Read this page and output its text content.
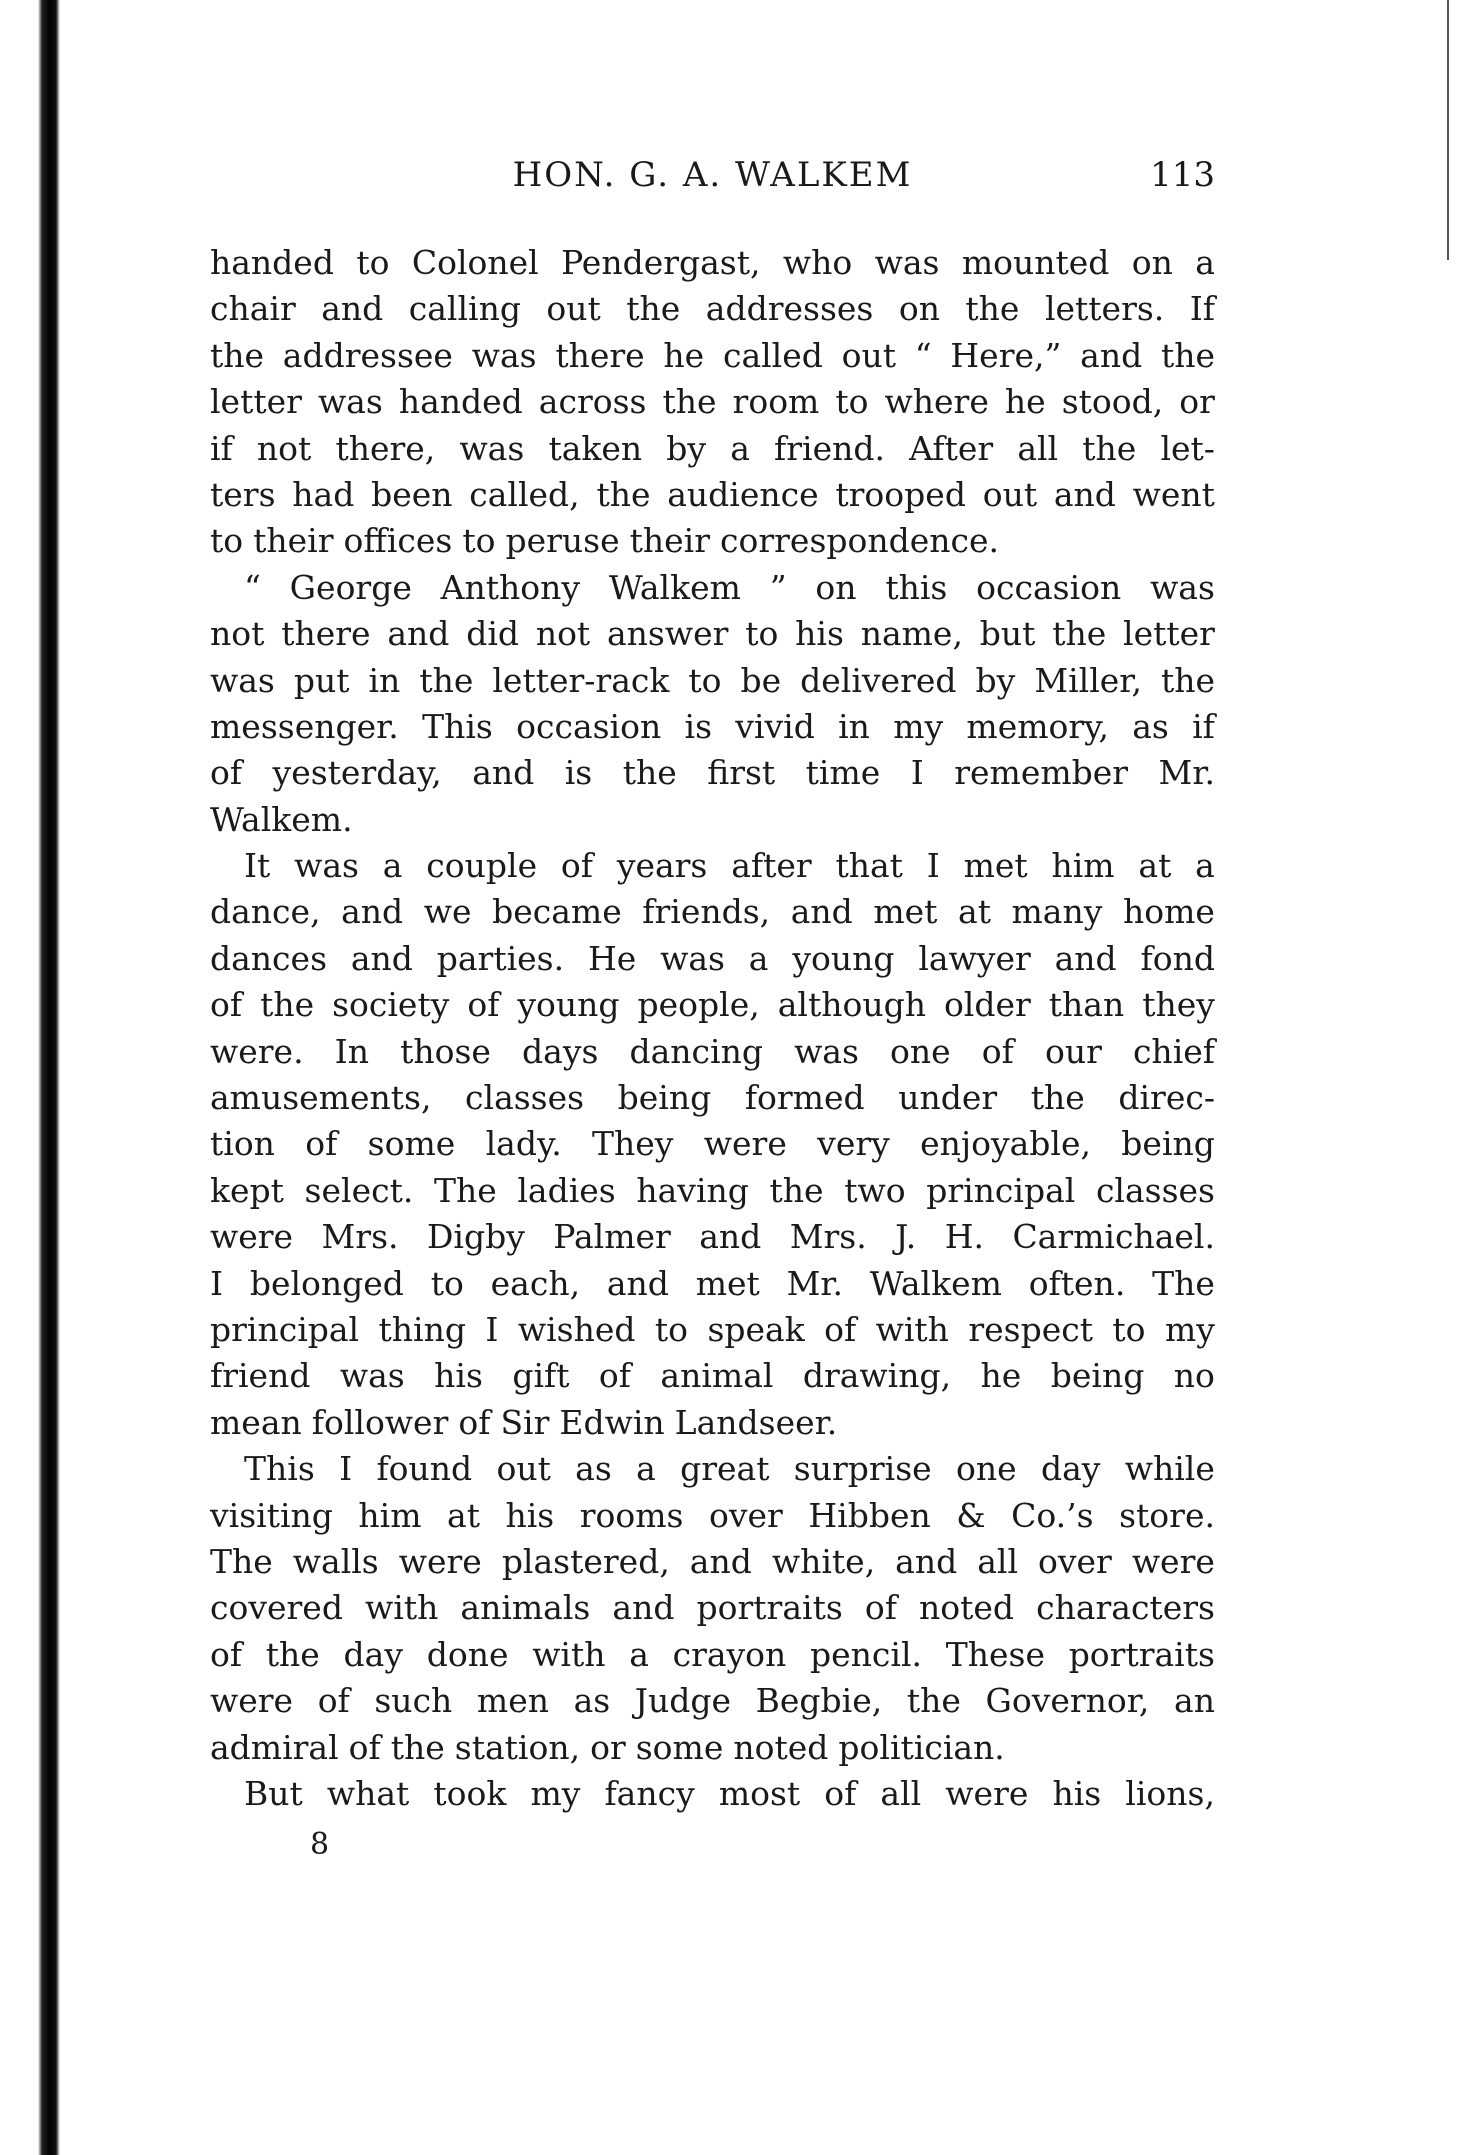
HON. G. A. WALKEM	113
handed to Colonel Pendergast, who was mounted on a
chair and calling out the addresses on the letters. If
the addressee was there he called out “ Here,” and the
letter was handed across the room to where he stood, or
if not there, was taken by a friend. After all the let-
ters had been called, the audience trooped out and went
to their offices to peruse their correspondence.
“ George Anthony Walkem ” on this occasion was
not there and did not answer to his name, but the letter
was put in the letter-rack to be delivered by Miller, the
messenger. This occasion is vivid in my memory, as if
of yesterday, and is the first time I remember Mr.
Walkem.
It was a couple of years after that I met him at a
dance, and we became friends, and met at many home
dances and parties. He was a young lawyer and fond
of the society of young people, although older than they
were. In those days dancing was one of our chief
amusements, classes being formed under the direc-
tion of some lady. They were very enjoyable, being
kept select. The ladies having the two principal classes
were Mrs. Digby Palmer and Mrs. J. H. Carmichael.
I belonged to each, and met Mr. Walkem often. The
principal thing I wished to speak of with respect to my
friend was his gift of animal drawing, he being no
mean follower of Sir Edwin Landseer.
This I found out as a great surprise one day while
visiting him at his rooms over Hibben & Co.’s store.
The walls were plastered, and white, and all over were
covered with animals and portraits of noted characters
of the day done with a crayon pencil. These portraits
were of such men as Judge Begbie, the Governor, an
admiral of the station, or some noted politician.
But what took my fancy most of all were his lions,
8
